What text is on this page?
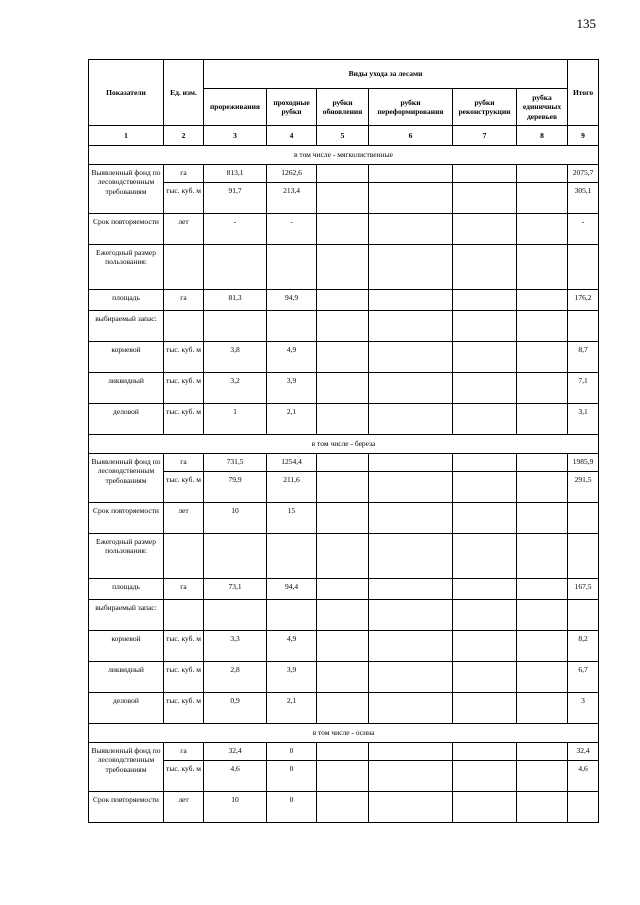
135
Показатели	Ед. изм.	Виды ухода за лесами						Итого
		прореживания	проходные рубки	рубки обновления	рубки переформирования	рубки реконструкции	рубка единичных деревьев	
1	2	3	4	5	6	7	8	9
в том числе - мягколиственные								
Выявленный фонд по лесоводственным требованиям	га	813,1	1262,6					2075,7
	тыс. куб. м	91,7	213,4					305,1
Срок повторяемости	лет	-	-					-
Ежегодный размер пользования:								
площадь	га	81,3	94,9					176,2
выбираемый запас:								
корневой	тыс. куб. м	3,8	4,9					8,7
ликвидный	тыс. куб. м	3,2	3,9					7,1
деловой	тыс. куб. м	1	2,1					3,1
в том числе - береза								
Выявленный фонд по лесоводственным требованиям	га	731,5	1254,4					1985,9
	тыс. куб. м	79,9	211,6					291,5
Срок повторяемости	лет	10	15					
Ежегодный размер пользования:								
площадь	га	73,1	94,4					167,5
выбираемый запас:								
корневой	тыс. куб. м	3,3	4,9					8,2
ликвидный	тыс. куб. м	2,8	3,9					6,7
деловой	тыс. куб. м	0,9	2,1					3
в том числе - осина								
Выявленный фонд по лесоводственным требованиям	га	32,4	0					32,4
	тыс. куб. м	4,6	0					4,6
Срок повторяемости	лет	10	0					
